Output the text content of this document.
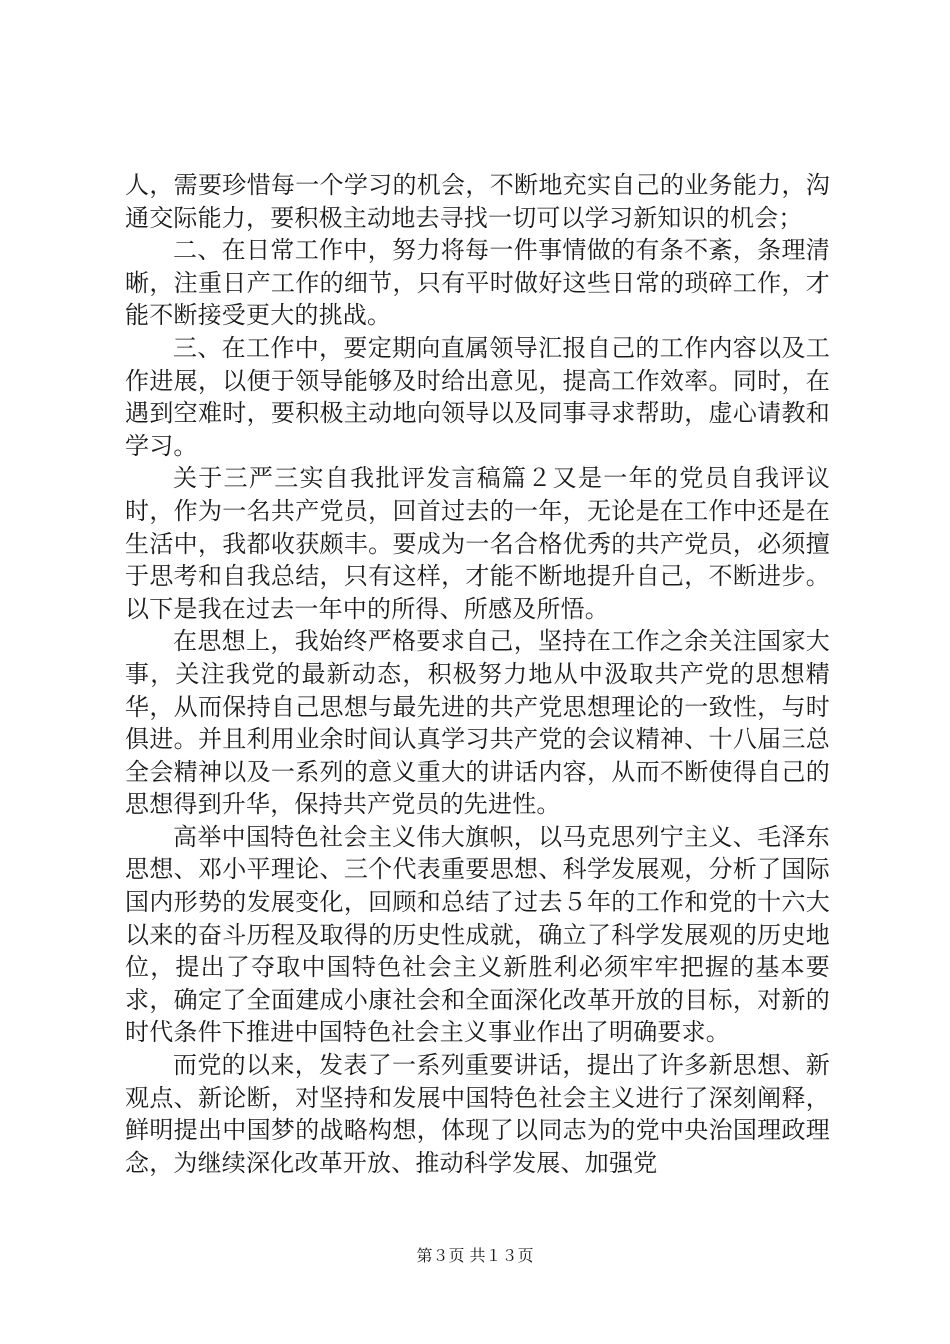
人，需要珍惜每一个学习的机会，不断地充实自己的业务能力，沟通交际能力，要积极主动地去寻找一切可以学习新知识的机会；

二、在日常工作中，努力将每一件事情做的有条不紊，条理清晰，注重日产工作的细节，只有平时做好这些日常的琐碎工作，才能不断接受更大的挑战。

三、在工作中，要定期向直属领导汇报自己的工作内容以及工作进展，以便于领导能够及时给出意见，提高工作效率。同时，在遇到空难时，要积极主动地向领导以及同事寻求帮助，虚心请教和学习。

关于三严三实自我批评发言稿篇２又是一年的党员自我评议时，作为一名共产党员，回首过去的一年，无论是在工作中还是在生活中，我都收获颇丰。要成为一名合格优秀的共产党员，必须擅于思考和自我总结，只有这样，才能不断地提升自己，不断进步。以下是我在过去一年中的所得、所感及所悟。

在思想上，我始终严格要求自己，坚持在工作之余关注国家大事，关注我党的最新动态，积极努力地从中汲取共产党的思想精华，从而保持自己思想与最先进的共产党思想理论的一致性，与时俱进。并且利用业余时间认真学习共产党的会议精神、十八届三总全会精神以及一系列的意义重大的讲话内容，从而不断使得自己的思想得到升华，保持共产党员的先进性。

高举中国特色社会主义伟大旗帜，以马克思列宁主义、毛泽东思想、邓小平理论、三个代表重要思想、科学发展观，分析了国际国内形势的发展变化，回顾和总结了过去５年的工作和党的十六大以来的奋斗历程及取得的历史性成就，确立了科学发展观的历史地位，提出了夺取中国特色社会主义新胜利必须牢牢把握的基本要求，确定了全面建成小康社会和全面深化改革开放的目标，对新的时代条件下推进中国特色社会主义事业作出了明确要求。

而党的以来，发表了一系列重要讲话，提出了许多新思想、新观点、新论断，对坚持和发展中国特色社会主义进行了深刻阐释，鲜明提出中国梦的战略构想，体现了以同志为的党中央治国理政理念，为继续深化改革开放、推动科学发展、加强党

第３页 共１３页
